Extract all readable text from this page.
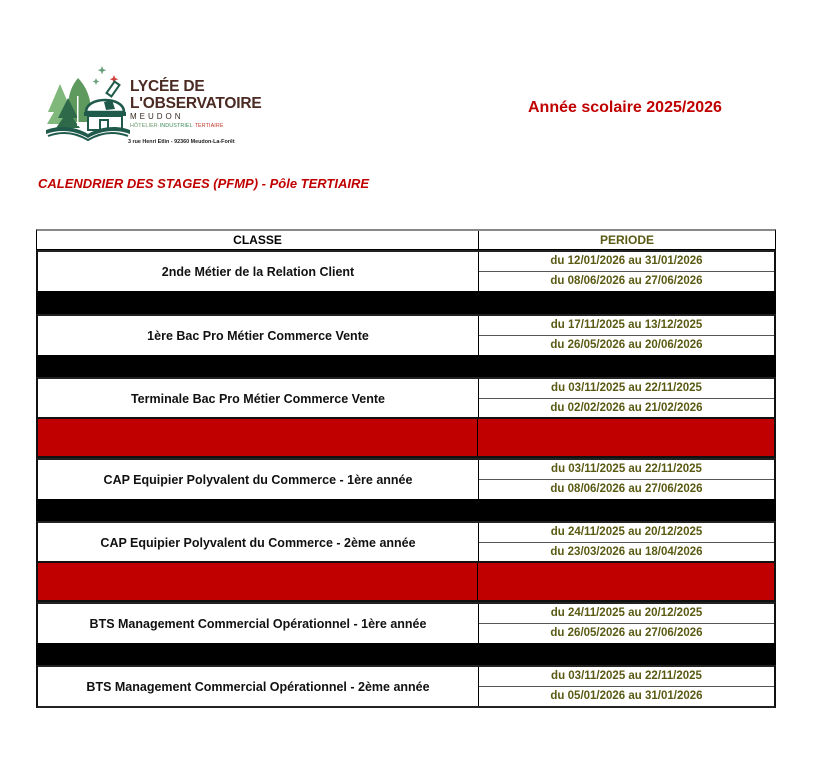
LYCÉE DE
L'OBSERVATOIRE
MEUDON
HÔTELIER·INDUSTRIEL·TERTIAIRE
3 rue Henri Etlin - 92360 Meudon-La-Forêt
Année scolaire 2025/2026
CALENDRIER DES STAGES (PFMP) - Pôle TERTIAIRE
CLASSE	PERIODE
2nde Métier de la Relation Client
du 12/01/2026 au 31/01/2026
du 08/06/2026 au 27/06/2026
1ère Bac Pro Métier Commerce Vente
du 17/11/2025 au 13/12/2025
du 26/05/2026 au 20/06/2026
Terminale Bac Pro Métier Commerce Vente
du 03/11/2025 au 22/11/2025
du 02/02/2026 au 21/02/2026
CAP Equipier Polyvalent du Commerce - 1ère année
du 03/11/2025 au 22/11/2025
du 08/06/2026 au 27/06/2026
CAP Equipier Polyvalent du Commerce - 2ème année
du 24/11/2025 au 20/12/2025
du 23/03/2026 au 18/04/2026
BTS Management Commercial Opérationnel - 1ère année
du 24/11/2025 au 20/12/2025
du 26/05/2026 au 27/06/2026
BTS Management Commercial Opérationnel - 2ème année
du 03/11/2025 au 22/11/2025
du 05/01/2026 au 31/01/2026
